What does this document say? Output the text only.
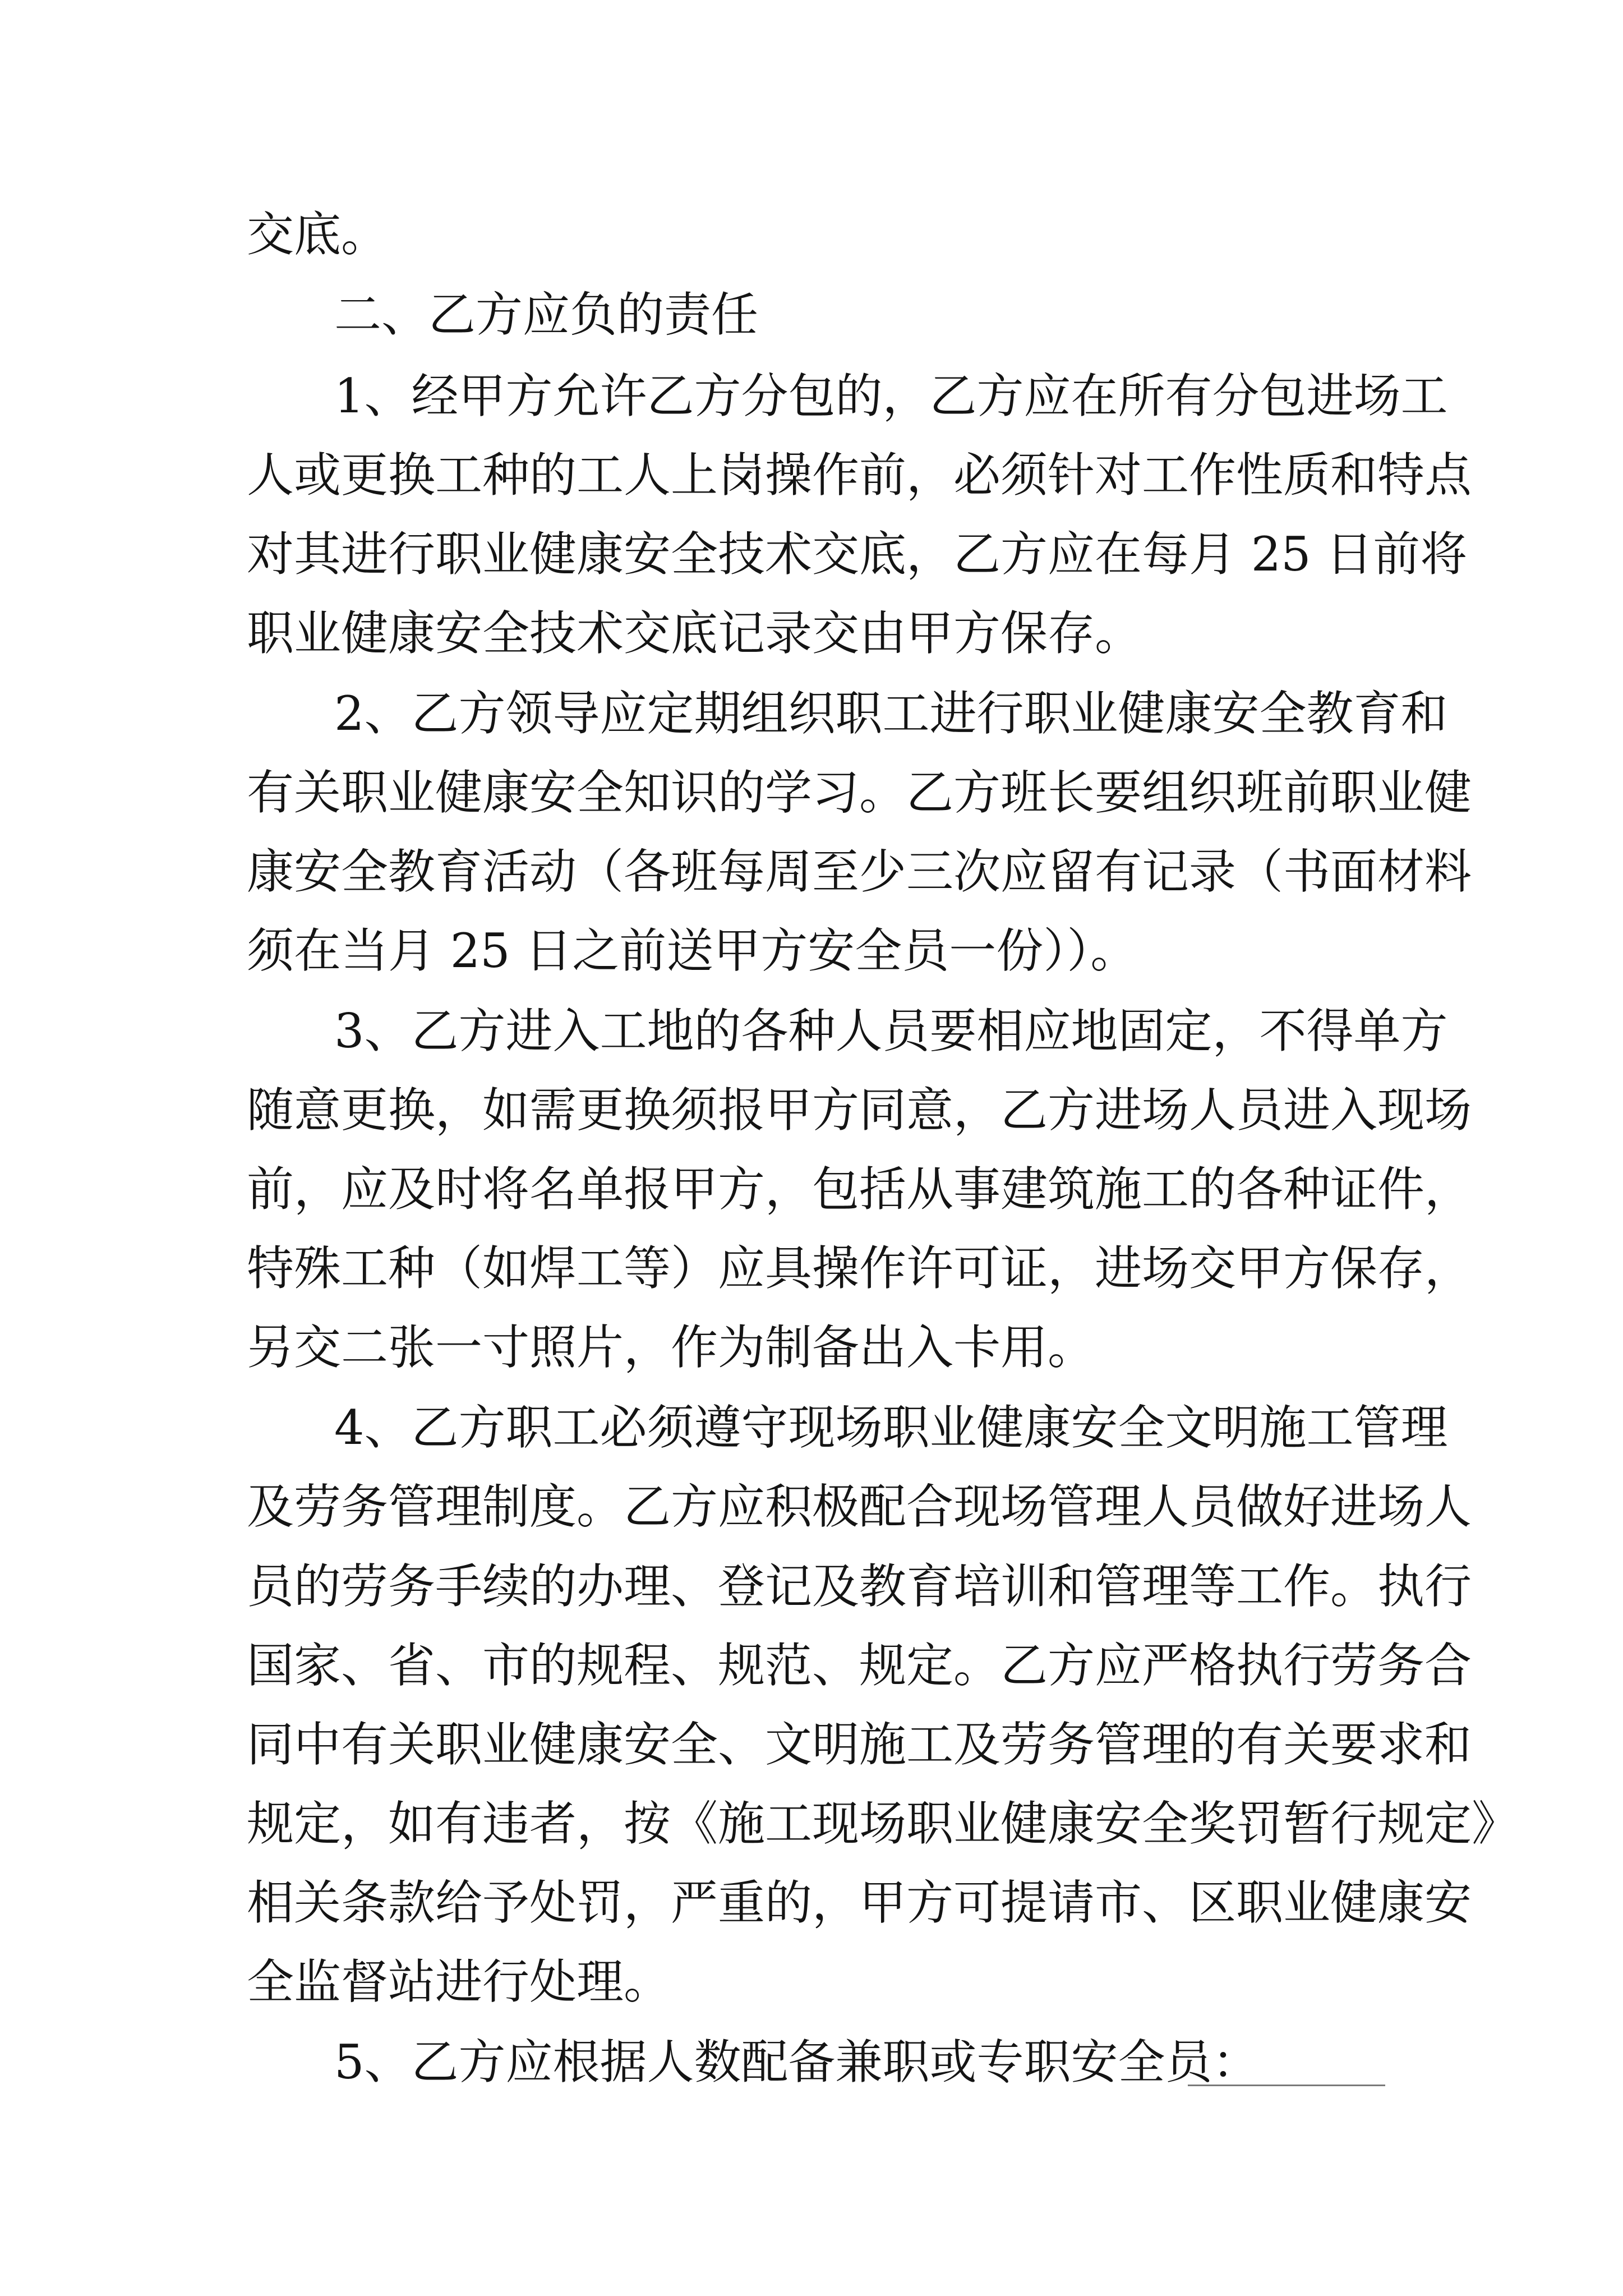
交底。
二、乙方应负的责任
1、经甲方允许乙方分包的，乙方应在所有分包进场工
人或更换工种的工人上岗操作前，必须针对工作性质和特点
对其进行职业健康安全技术交底，乙方应在每月 25 日前将
职业健康安全技术交底记录交由甲方保存。
2、乙方领导应定期组织职工进行职业健康安全教育和
有关职业健康安全知识的学习。乙方班长要组织班前职业健
康安全教育活动（各班每周至少三次应留有记录（书面材料
须在当月 25 日之前送甲方安全员一份））。
3、乙方进入工地的各种人员要相应地固定，不得单方
随意更换，如需更换须报甲方同意，乙方进场人员进入现场
前，应及时将名单报甲方，包括从事建筑施工的各种证件，
特殊工种（如焊工等）应具操作许可证，进场交甲方保存，
另交二张一寸照片，作为制备出入卡用。
4、乙方职工必须遵守现场职业健康安全文明施工管理
及劳务管理制度。乙方应积极配合现场管理人员做好进场人
员的劳务手续的办理、登记及教育培训和管理等工作。执行
国家、省、市的规程、规范、规定。乙方应严格执行劳务合
同中有关职业健康安全、文明施工及劳务管理的有关要求和
规定，如有违者，按《施工现场职业健康安全奖罚暂行规定》
相关条款给予处罚，严重的，甲方可提请市、区职业健康安
全监督站进行处理。
5、乙方应根据人数配备兼职或专职安全员：
